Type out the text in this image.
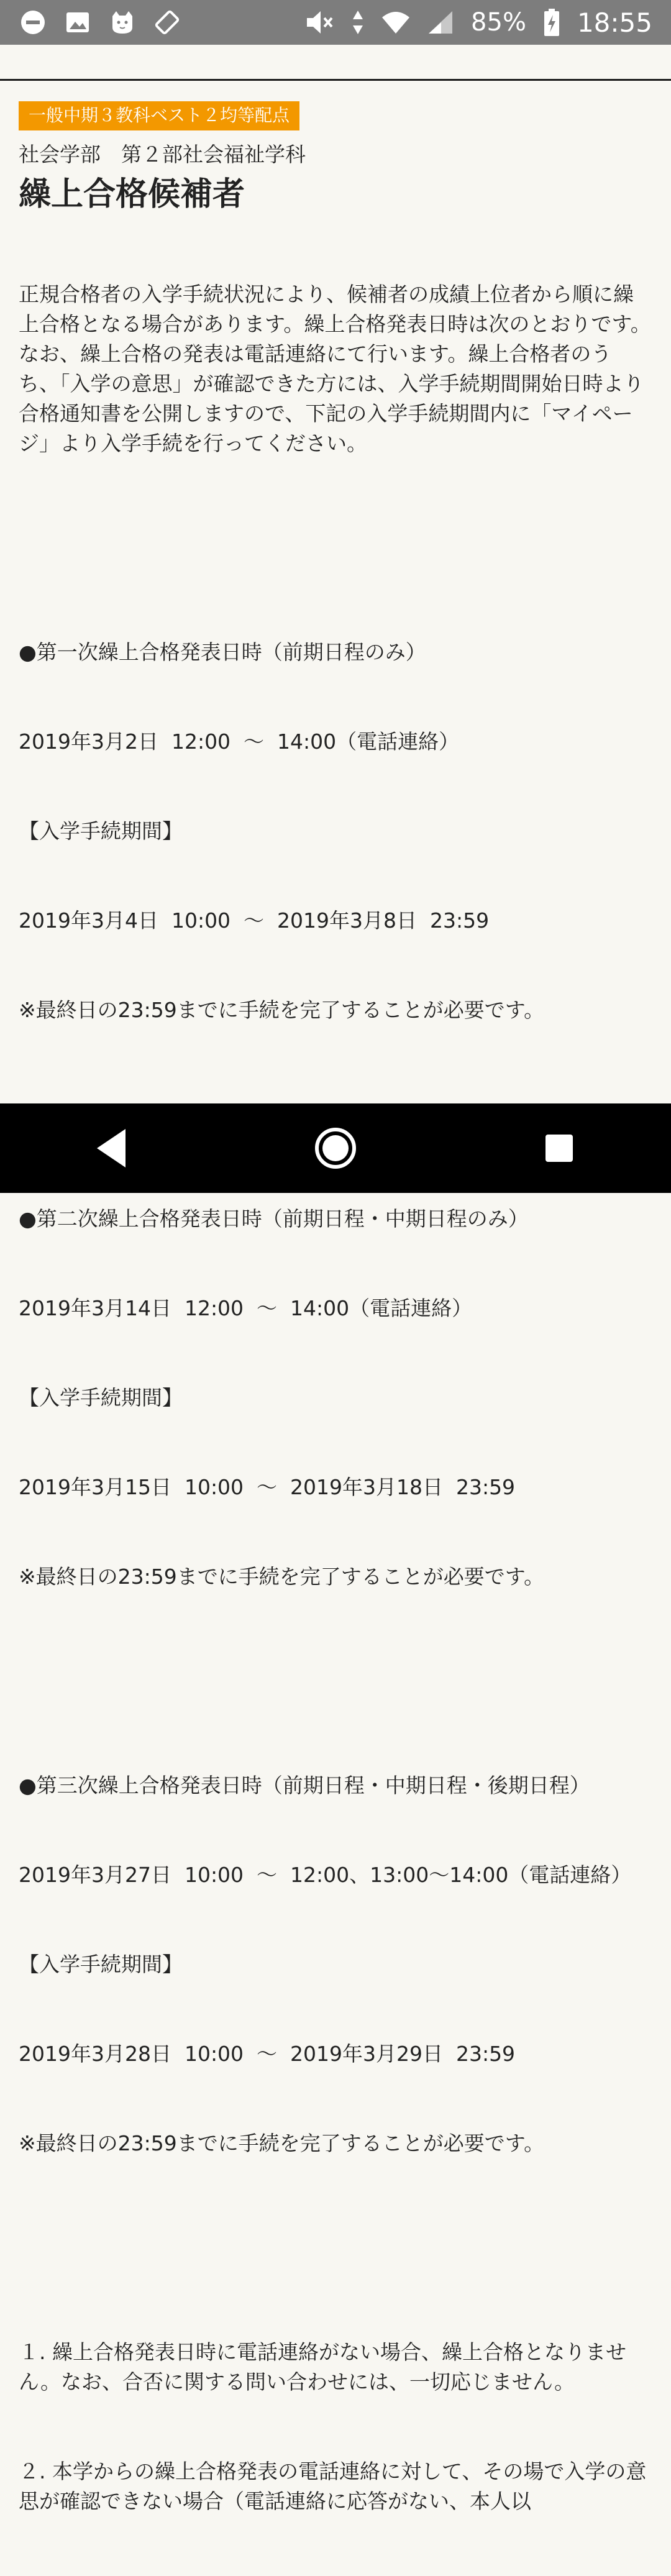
85% 18:55
一般中期３教科ベスト２均等配点
社会学部　第２部社会福祉学科
繰上合格候補者

正規合格者の入学手続状況により、候補者の成績上位者から順に繰上合格となる場合があります。繰上合格発表日時は次のとおりです。なお、繰上合格の発表は電話連絡にて行います。繰上合格者のうち、「入学の意思」が確認できた方には、入学手続期間開始日時より合格通知書を公開しますので、下記の入学手続期間内に「マイページ」より入学手続を行ってください。

●第一次繰上合格発表日時（前期日程のみ）

2019年3月2日  12:00  ～  14:00（電話連絡）

【入学手続期間】

2019年3月4日  10:00  ～  2019年3月8日  23:59

※最終日の23:59までに手続を完了することが必要です。

●第二次繰上合格発表日時（前期日程・中期日程のみ）

2019年3月14日  12:00  ～  14:00（電話連絡）

【入学手続期間】

2019年3月15日  10:00  ～  2019年3月18日  23:59

※最終日の23:59までに手続を完了することが必要です。

●第三次繰上合格発表日時（前期日程・中期日程・後期日程）

2019年3月27日  10:00  ～  12:00、13:00～14:00（電話連絡）

【入学手続期間】

2019年3月28日  10:00  ～  2019年3月29日  23:59

※最終日の23:59までに手続を完了することが必要です。

１. 繰上合格発表日時に電話連絡がない場合、繰上合格となりません。なお、合否に関する問い合わせには、一切応じません。

２. 本学からの繰上合格発表の電話連絡に対して、その場で入学の意思が確認できない場合（電話連絡に応答がない、本人以
